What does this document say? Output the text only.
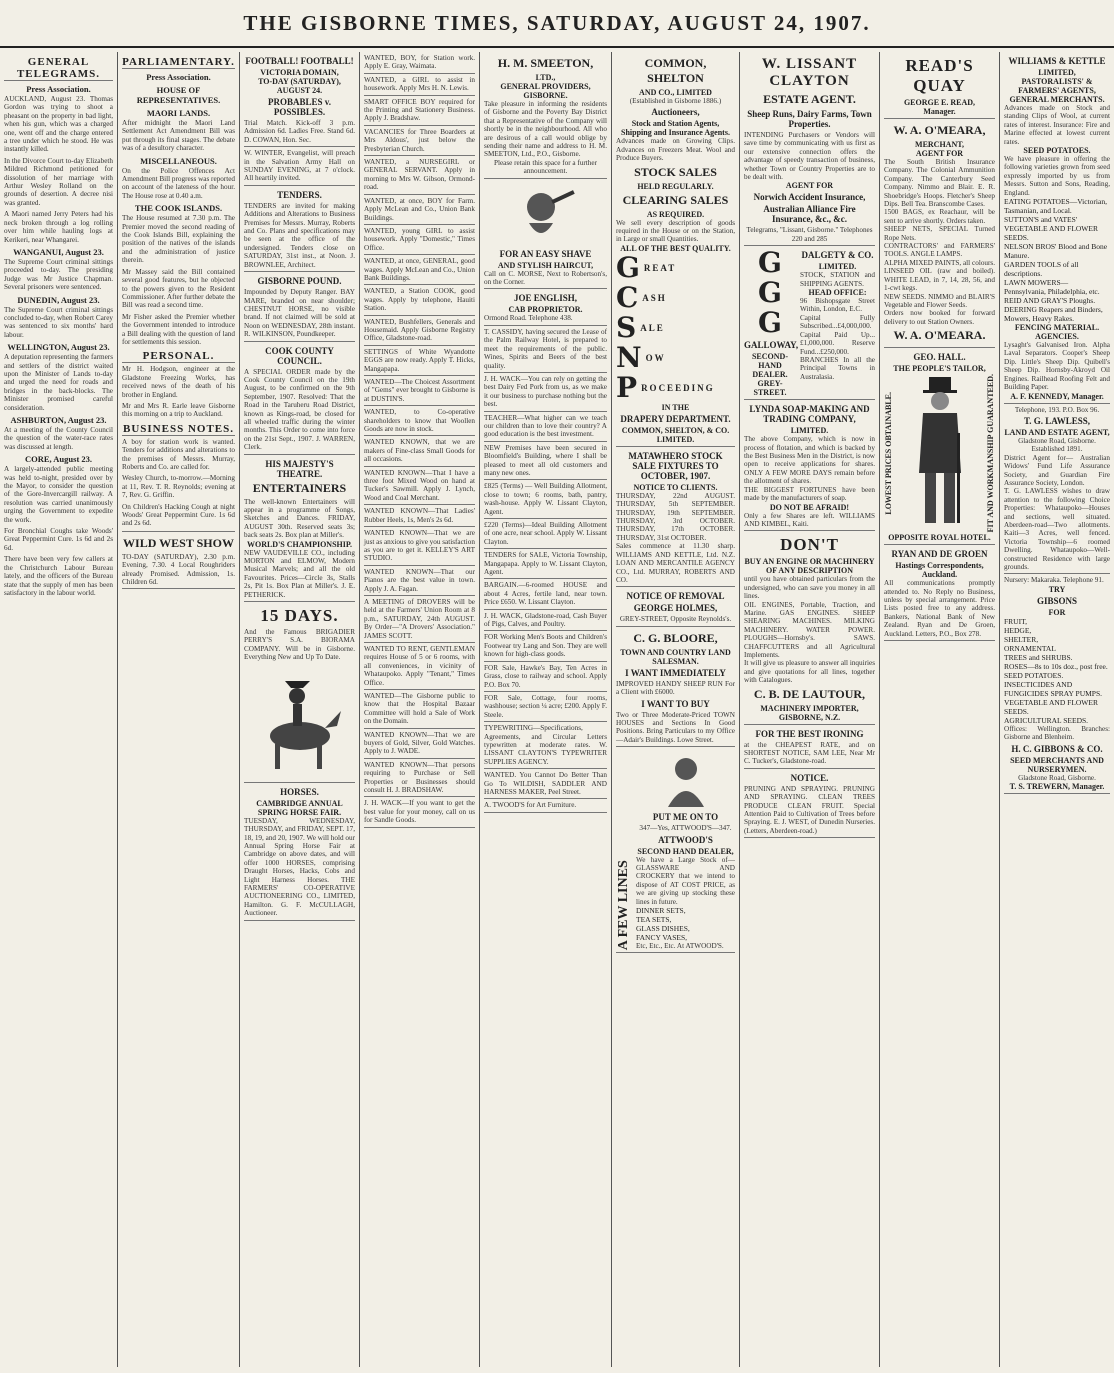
THE GISBORNE TIMES, SATURDAY, AUGUST 24, 1907.
GENERAL TELEGRAMS.
Press Association.

AUCKLAND, August 23. Thomas Gordon was trying to shoot a pheasant on the property in bad light, when his gun, which was a charged one, went off and the charge entered a tree under which he stood. He was instantly killed.

In the Divorce Court to-day Elizabeth Mildred Richmond petitioned for dissolution of her marriage with Arthur Wesley Rolland on the grounds of desertion. A decree nisi was granted.

A Maori named Jerry Peters had his neck broken through a log rolling over him while hauling logs at Kerikeri, near Whangarei.

WANGANUI, August 23.

The Supreme Court criminal sittings proceeded to-day. The presiding Judge was Mr Justice Chapman. Several prisoners were sentenced.

DUNEDIN, August 23.

The Supreme Court criminal sittings concluded to-day, when Robert Carey was sentenced to six months' hard labour.

WELLINGTON, August 23.

A deputation representing the farmers and settlers of the district waited upon the Minister of Lands to-day and urged the need for roads and bridges in the back-blocks. The Minister promised careful consideration.

ASHBURTON, August 23.

At a meeting of the County Council the question of the water-race rates was discussed at length.

CORE, August 23.

A largely-attended public meeting was held to-night, presided over by the Mayor, to consider the question of the Gore-Invercargill railway. A resolution was carried unanimously urging the Government to expedite the work.

For Bronchial Coughs take Woods' Great Peppermint Cure. 1s 6d and 2s 6d.

There have been very few callers at the Christchurch Labour Bureau lately, and the officers of the Bureau state that the supply of men has been satisfactory in the labour world.

PARLIAMENTARY.
Press Association.
HOUSE OF REPRESENTATIVES.
MAORI LANDS.

After midnight the Maori Land Settlement Act Amendment Bill was put through its final stages. The debate was of a desultory character.

MISCELLANEOUS.

On the Police Offences Act Amendment Bill progress was reported on account of the lateness of the hour. The House rose at 0.40 a.m.

THE COOK ISLANDS.

The House resumed at 7.30 p.m. The Premier moved the second reading of the Cook Islands Bill, explaining the position of the natives of the islands and the administration of justice therein.

Mr Massey said the Bill contained several good features, but he objected to the powers given to the Resident Commissioner. After further debate the Bill was read a second time.

Mr Fisher asked the Premier whether the Government intended to introduce a Bill dealing with the question of land for settlements this session.

PERSONAL.

Mr H. Hodgson, engineer at the Gladstone Freezing Works, has received news of the death of his brother in England.

Mr and Mrs R. Earle leave Gisborne this morning on a trip to Auckland.

BUSINESS NOTES.

A boy for station work is wanted. Tenders for additions and alterations to the premises of Messrs. Murray, Roberts and Co. are called for.

Wesley Church, to-morrow.—Morning at 11, Rev. T. R. Reynolds; evening at 7, Rev. G. Griffin.

On Children's Hacking Cough at night Woods' Great Peppermint Cure. 1s 6d and 2s 6d.

WILD WEST SHOW
TO-DAY (SATURDAY), 2.30 p.m. Evening, 7.30. 4 Local Roughriders already Promised. Admission, 1s. Children 6d.
FOOTBALL! FOOTBALL!
VICTORIA DOMAIN,
TO-DAY (SATURDAY), AUGUST 24.
PROBABLES v. POSSIBLES.
Trial Match. Kick-off 3 p.m. Admission 6d. Ladies Free. Stand 6d. D. COWAN, Hon. Sec.
W. WINTER, Evangelist, will preach in the Salvation Army Hall on SUNDAY EVENING, at 7 o'clock. All heartily invited.
TENDERS.
TENDERS are invited for making Additions and Alterations to Business Premises for Messrs. Murray, Roberts and Co. Plans and specifications may be seen at the office of the undersigned. Tenders close on SATURDAY, 31st inst., at Noon. J. BROWNLEE, Architect.
GISBORNE POUND.
Impounded by Deputy Ranger. BAY MARE, branded on near shoulder; CHESTNUT HORSE, no visible brand. If not claimed will be sold at Noon on WEDNESDAY, 28th instant. R. WILKINSON, Poundkeeper.
COOK COUNTY COUNCIL.
A SPECIAL ORDER made by the Cook County Council on the 19th August, to be confirmed on the 9th September, 1907. Resolved: That the Road in the Taruheru Road District, known as Kings-road, be closed for all wheeled traffic during the winter months. This Order to come into force on the 21st Sept., 1907. J. WARREN, Clerk.
HIS MAJESTY'S THEATRE.
ENTERTAINERS
The well-known Entertainers will appear in a programme of Songs, Sketches and Dances. FRIDAY, AUGUST 30th. Reserved seats 3s; back seats 2s. Box plan at Miller's.
WORLD'S CHAMPIONSHIP.
NEW VAUDEVILLE CO., including MORTON and ELMOW, Modern Musical Marvels; and all the old Favourites. Prices—Circle 3s, Stalls 2s, Pit 1s. Box Plan at Miller's. J. E. PETHERICK.
15 DAYS.
And the Famous BRIGADIER PERRY'S S.A. BIORAMA COMPANY. Will be in Gisborne. Everything New and Up To Date.
HORSES.
CAMBRIDGE ANNUAL SPRING HORSE FAIR.
TUESDAY, WEDNESDAY, THURSDAY, and FRIDAY, SEPT. 17, 18, 19, and 20, 1907. We will hold our Annual Spring Horse Fair at Cambridge on above dates, and will offer 1000 HORSES, comprising Draught Horses, Hacks, Cobs and Light Harness Horses. THE FARMERS' CO-OPERATIVE AUCTIONEERING CO., LIMITED, Hamilton. G. F. McCULLAGH, Auctioneer.
WANTED, BOY, for Station work. Apply E. Gray, Waimata.
WANTED, a GIRL to assist in housework. Apply Mrs H. N. Lewis.
SMART OFFICE BOY required for the Printing and Stationery Business. Apply J. Bradshaw.
VACANCIES for Three Boarders at Mrs Aldous', just below the Presbyterian Church.
WANTED, a NURSEGIRL or GENERAL SERVANT. Apply in morning to Mrs W. Gibson, Ormond-road.
WANTED, at once, BOY for Farm. Apply McLean and Co., Union Bank Buildings.
WANTED, young GIRL to assist housework. Apply "Domestic," Times Office.
WANTED, at once, GENERAL, good wages. Apply McLean and Co., Union Bank Buildings.
WANTED, a Station COOK, good wages. Apply by telephone, Hauiti Station.
WANTED, Bushfellers, Generals and Housemaid. Apply Gisborne Registry Office, Gladstone-road.
SETTINGS of White Wyandotte EGGS are now ready. Apply T. Hicks, Mangapapa.
WANTED—The Choicest Assortment of "Gems" ever brought to Gisborne is at DUSTIN'S.
WANTED, to Co-operative shareholders to know that Woollen Goods are now in stock.
WANTED KNOWN, that we are makers of Fine-class Small Goods for all occasions.
WANTED KNOWN—That I have a three foot Mixed Wood on hand at Tucker's Sawmill. Apply J. Lynch, Wood and Coal Merchant.
WANTED KNOWN—That Ladies' Rubber Heels, 1s, Men's 2s 6d.
WANTED KNOWN—That we are just as anxious to give you satisfaction as you are to get it. KELLEY'S ART STUDIO.
WANTED KNOWN—That our Pianos are the best value in town. Apply J. A. Fagan.
A MEETING of DROVERS will be held at the Farmers' Union Room at 8 p.m., SATURDAY, 24th AUGUST. By Order—"A Drovers' Association." JAMES SCOTT.
WANTED TO RENT, GENTLEMAN requires House of 5 or 6 rooms, with all conveniences, in vicinity of Whataupoko. Apply "Tenant," Times Office.
WANTED—The Gisborne public to know that the Hospital Bazaar Committee will hold a Sale of Work on the Domain.
WANTED KNOWN—That we are buyers of Gold, Silver, Gold Watches. Apply to J. WADE.
WANTED KNOWN—That persons requiring to Purchase or Sell Properties or Businesses should consult H. J. BRADSHAW.
J. H. WACK—If you want to get the best value for your money, call on us for Sandle Goods.
H. M. SMEETON,
LTD.,
GENERAL PROVIDERS, GISBORNE.
Take pleasure in informing the residents of Gisborne and the Poverty Bay District that a Representative of the Company will shortly be in the neighbourhood. All who are desirous of a call would oblige by sending their name and address to H. M. SMEETON, Ltd., P.O., Gisborne.
Please retain this space for a further announcement.
FOR AN EASY SHAVE
AND STYLISH HAIRCUT,
Call on C. MORSE, Next to Robertson's, on the Corner.
JOE ENGLISH,
CAB PROPRIETOR.
Ormond Road. Telephone 438.
T. CASSIDY, having secured the Lease of the Palm Railway Hotel, is prepared to meet the requirements of the public. Wines, Spirits and Beers of the best quality.
J. H. WACK—You can rely on getting the best Dairy Fed Pork from us, as we make it our business to purchase nothing but the best.
TEACHER—What higher can we teach our children than to love their country? A good education is the best investment.
NEW Premises have been secured in Bloomfield's Building, where I shall be pleased to meet all old customers and many new ones.
£825 (Terms) — Well Building Allotment, close to town; 6 rooms, bath, pantry, wash-house. Apply W. Lissant Clayton, Agent.
£220 (Terms)—Ideal Building Allotment of one acre, near school. Apply W. Lissant Clayton.
TENDERS for SALE, Victoria Township, Mangapapa. Apply to W. Lissant Clayton, Agent.
BARGAIN.—6-roomed HOUSE and about 4 Acres, fertile land, near town. Price £650. W. Lissant Clayton.
J. H. WACK, Gladstone-road, Cash Buyer of Pigs, Calves, and Poultry.
FOR Working Men's Boots and Children's Footwear try Lang and Son. They are well known for high-class goods.
FOR Sale, Hawke's Bay, Ten Acres in Grass, close to railway and school. Apply P.O. Box 70.
FOR Sale, Cottage, four rooms, washhouse; section ¼ acre; £200. Apply F. Steele.
TYPEWRITING—Specifications, Agreements, and Circular Letters typewritten at moderate rates. W. LISSANT CLAYTON'S TYPEWRITER SUPPLIES AGENCY.
WANTED. You Cannot Do Better Than Go To WILDISH, SADDLER AND HARNESS MAKER, Peel Street.
A. TWOOD'S for Art Furniture.
COMMON, SHELTON
AND CO., LIMITED
(Established in Gisborne 1886.)
Auctioneers,
Stock and Station Agents, Shipping and Insurance Agents.
Advances made on Growing Clips. Advances on Freezers Meat. Wool and Produce Buyers.
STOCK SALES
HELD REGULARLY.
CLEARING SALES
AS REQUIRED.
We sell every description of goods required in the House or on the Station, in Large or small Quantities.
ALL OF THE BEST QUALITY.
G REAT
C ASH
S ALE
N OW
P ROCEEDING
IN THE
DRAPERY DEPARTMENT.
COMMON, SHELTON, & CO. LIMITED.
MATAWHERO STOCK SALE FIXTURES TO OCTOBER, 1907.
NOTICE TO CLIENTS.
THURSDAY, 22nd AUGUST. THURSDAY, 5th SEPTEMBER. THURSDAY, 19th SEPTEMBER. THURSDAY, 3rd OCTOBER. THURSDAY, 17th OCTOBER. THURSDAY, 31st OCTOBER.
Sales commence at 11.30 sharp. WILLIAMS AND KETTLE, Ltd. N.Z. LOAN AND MERCANTILE AGENCY CO., Ltd. MURRAY, ROBERTS AND CO.
NOTICE OF REMOVAL
GEORGE HOLMES,
GREY-STREET, Opposite Reynolds's.
C. G. BLOORE,
TOWN AND COUNTRY LAND SALESMAN.
I WANT IMMEDIATELY
IMPROVED HANDY SHEEP RUN For a Client with £6000.
I WANT TO BUY
Two or Three Moderate-Priced TOWN HOUSES and Sections In Good Positions. Bring Particulars to my Office—Adair's Buildings. Lowe Street.
A FEW LINES
PUT ME ON TO
347—Yes, ATTWOOD'S—347.
ATTWOOD'S
SECOND HAND DEALER,
We have a Large Stock of— GLASSWARE AND CROCKERY that we intend to dispose of AT COST PRICE, as we are giving up stocking these lines in future.
DINNER SETS,
TEA SETS,
GLASS DISHES,
FANCY VASES,
Etc, Etc., Etc. At ATWOOD'S.
W. LISSANT CLAYTON
ESTATE AGENT.
Sheep Runs, Dairy Farms, Town Properties.
INTENDING Purchasers or Vendors will save time by communicating with us first as our extensive connection offers the advantage of speedy transaction of business, whether Town or Country Properties are to be dealt with.
AGENT FOR
Norwich Accident Insurance,
Australian Alliance Fire Insurance, &c., &c.
Telegrams, "Lissant, Gisborne." Telephones 220 and 285
G
G
G
GALLOWAY,
SECOND-HAND DEALER.
GREY-STREET.
DALGETY & CO.
LIMITED.
STOCK, STATION and SHIPPING AGENTS.
HEAD OFFICE:
96 Bishopsgate Street Within, London, E.C.
Capital Fully Subscribed...£4,000,000. Capital Paid Up...£1,000,000. Reserve Fund...£250,000.
BRANCHES In all the Principal Towns in Australasia.
LYNDA SOAP-MAKING AND TRADING COMPANY,
LIMITED.
The above Company, which is now in process of flotation, and which is backed by the Best Business Men in the District, is now open to receive applications for shares. ONLY A FEW MORE DAYS remain before the allotment of shares.
THE BIGGEST FORTUNES have been made by the manufacturers of soap.
DO NOT BE AFRAID!
Only a few Shares are left. WILLIAMS AND KIMBEL, Kaiti.
DON'T
BUY AN ENGINE OR MACHINERY OF ANY DESCRIPTION
until you have obtained particulars from the undersigned, who can save you money in all lines.
OIL ENGINES, Portable, Traction, and Marine. GAS ENGINES. SHEEP SHEARING MACHINES. MILKING MACHINERY. WATER POWER. PLOUGHS—Hornsby's. SAWS. CHAFFCUTTERS and all Agricultural Implements.
It will give us pleasure to answer all inquiries and give quotations for all lines, together with Catalogues.
C. B. DE LAUTOUR,
MACHINERY IMPORTER, GISBORNE, N.Z.
FOR THE BEST IRONING
at the CHEAPEST RATE, and on SHORTEST NOTICE, SAM LEE, Near Mr C. Tucker's, Gladstone-road.
NOTICE.
PRUNING AND SPRAYING. PRUNING AND SPRAYING. CLEAN TREES PRODUCE CLEAN FRUIT. Special Attention Paid to Cultivation of Trees before Spraying. E. J. WEST, of Dunedin Nurseries. (Letters, Aberdeen-road.)
READ'S QUAY
GEORGE E. READ,
Manager.
W. A. O'MEARA,
MERCHANT,
AGENT FOR
The South British Insurance Company. The Colonial Ammunition Company. The Canterbury Seed Company. Nimmo and Blair. E. R. Shoebridge's Hoops. Fletcher's Sheep Dips. Bell Tea. Branscombe Cases.
1500 BAGS, ex Reachaur, will be sent to arrive shortly. Orders taken.
SHEEP NETS, SPECIAL Turned Rope Nets.
CONTRACTORS' and FARMERS' TOOLS. ANGLE LAMPS.
ALPHA MIXED PAINTS, all colours. LINSEED OIL (raw and boiled). WHITE LEAD, in 7, 14, 28, 56, and 1-cwt kegs.
NEW SEEDS. NIMMO and BLAIR'S Vegetable and Flower Seeds.
Orders now booked for forward delivery to out Station Owners.
W. A. O'MEARA.
GEO. HALL.
THE PEOPLE'S TAILOR,
LOWEST PRICES OBTAINABLE.	FIT AND WORKMANSHIP GUARANTEED.
OPPOSITE ROYAL HOTEL.
RYAN AND DE GROEN
Hastings Correspondents, Auckland.
All communications promptly attended to. No Reply no Business, unless by special arrangement. Price Lists posted free to any address. Bankers, National Bank of New Zealand. Ryan and De Groen, Auckland. Letters, P.O., Box 278.
WILLIAMS & KETTLE
LIMITED,
PASTORALISTS' & FARMERS' AGENTS,
GENERAL MERCHANTS.
Advances made on Stock and standing Clips of Wool, at current rates of interest. Insurance: Fire and Marine effected at lowest current rates.
SEED POTATOES.
We have pleasure in offering the following varieties grown from seed expressly imported by us from Messrs. Sutton and Sons, Reading, England.
EATING POTATOES—Victorian, Tasmanian, and Local.
SUTTON'S and VATES' VEGETABLE AND FLOWER SEEDS.
NELSON BROS' Blood and Bone Manure.
GARDEN TOOLS of all descriptions.
LAWN MOWERS—Pennsylvania, Philadelphia, etc.
REID AND GRAY'S Ploughs.
DEERING Reapers and Binders, Mowers, Heavy Rakes.
FENCING MATERIAL.
AGENCIES.
Lysaght's Galvanised Iron. Alpha Laval Separators. Cooper's Sheep Dip. Little's Sheep Dip. Quibell's Sheep Dip. Hornsby-Akroyd Oil Engines. Railhead Roofing Felt and Building Paper.
A. F. KENNEDY, Manager.
Telephone, 193. P.O. Box 96.
T. G. LAWLESS,
LAND AND ESTATE AGENT,
Gladstone Road, Gisborne. Established 1891.
District Agent for— Australian Widows' Fund Life Assurance Society, and Guardian Fire Assurance Society, London.
T. G. LAWLESS wishes to draw attention to the following Choice Properties: Whataupoko—Houses and sections, well situated. Aberdeen-road—Two allotments. Kaiti—3 Acres, well fenced. Victoria Township—6 roomed Dwelling. Whataupoko—Well-constructed Residence with large grounds.
Nursery: Makaraka. Telephone 91.
TRY
GIBSONS
FOR
FRUIT,
HEDGE,
SHELTER,
ORNAMENTAL
TREES and SHRUBS.
ROSES—8s to 10s doz., post free.
SEED POTATOES.
INSECTICIDES AND FUNGICIDES SPRAY PUMPS.
VEGETABLE AND FLOWER SEEDS.
AGRICULTURAL SEEDS.
Offices: Wellington. Branches: Gisborne and Blenheim.
H. C. GIBBONS & CO.
SEED MERCHANTS AND NURSERYMEN.
Gladstone Road, Gisborne.
T. S. TREWERN, Manager.
